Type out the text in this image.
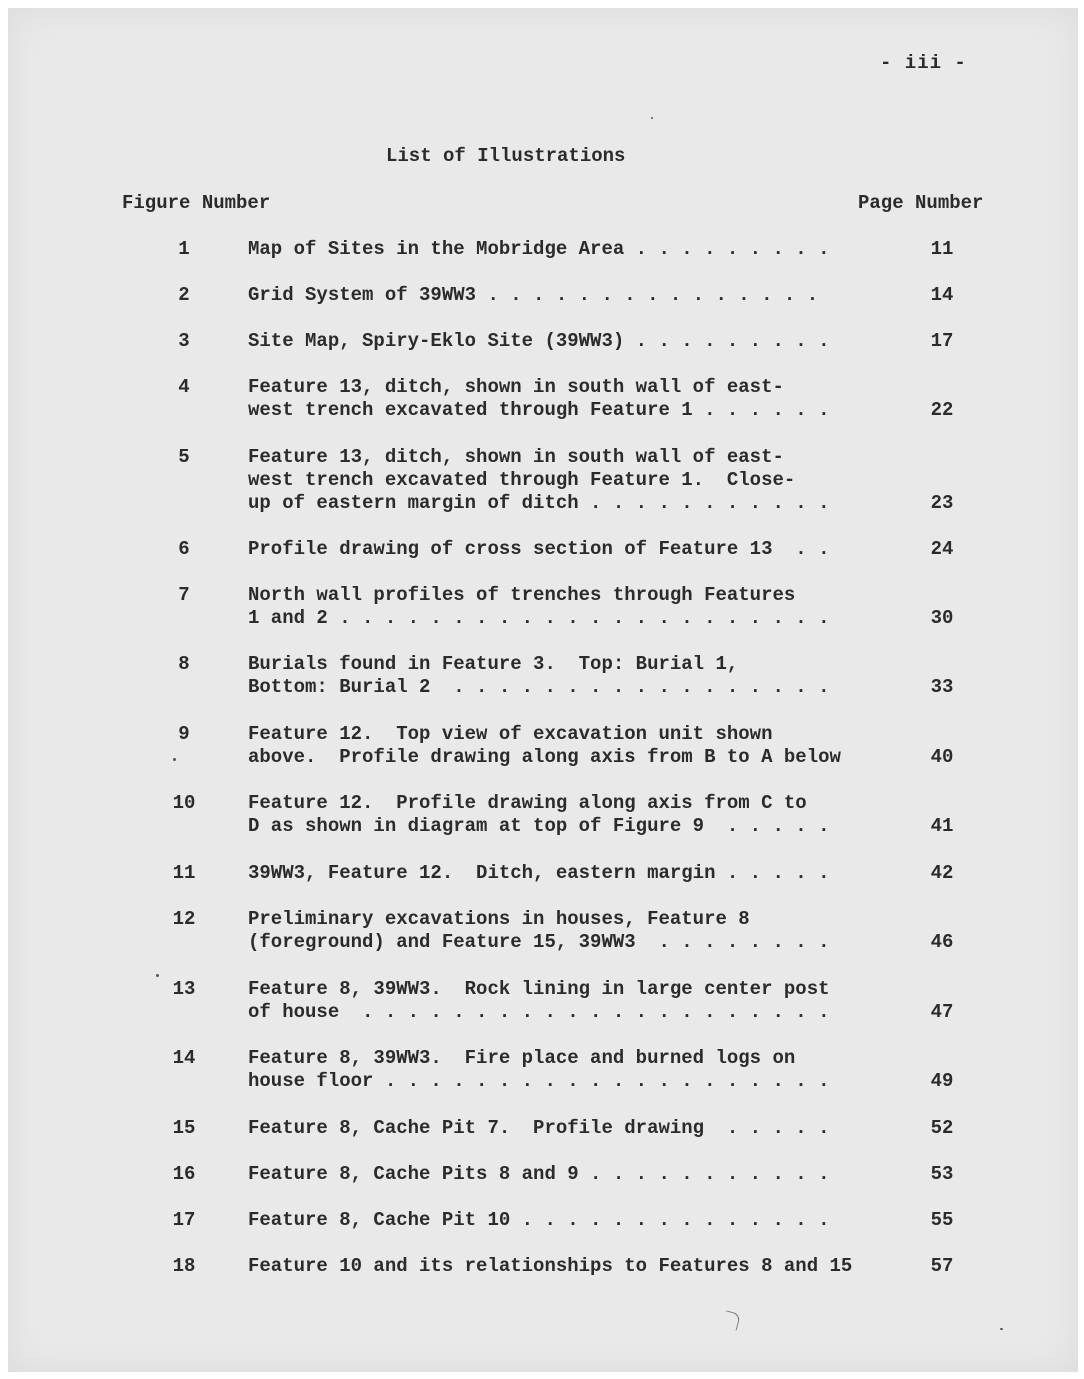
- iii -
List of Illustrations
Figure Number	Page Number
1	Map of Sites in the Mobridge Area . . . . . . . . .	11
2	Grid System of 39WW3 . . . . . . . . . . . . . . .	14
3	Site Map, Spiry-Eklo Site (39WW3) . . . . . . . . .	17
4	Feature 13, ditch, shown in south wall of east-
west trench excavated through Feature 1 . . . . . .	22
5	Feature 13, ditch, shown in south wall of east-
west trench excavated through Feature 1.  Close-
up of eastern margin of ditch . . . . . . . . . . .	23
6	Profile drawing of cross section of Feature 13  . .	24
7	North wall profiles of trenches through Features
1 and 2 . . . . . . . . . . . . . . . . . . . . . .	30
8	Burials found in Feature 3.  Top: Burial 1,
Bottom: Burial 2  . . . . . . . . . . . . . . . . .	33
9	Feature 12.  Top view of excavation unit shown
above.  Profile drawing along axis from B to A below	40
10	Feature 12.  Profile drawing along axis from C to
D as shown in diagram at top of Figure 9  . . . . .	41
11	39WW3, Feature 12.  Ditch, eastern margin . . . . .	42
12	Preliminary excavations in houses, Feature 8
(foreground) and Feature 15, 39WW3  . . . . . . . .	46
13	Feature 8, 39WW3.  Rock lining in large center post
of house  . . . . . . . . . . . . . . . . . . . . .	47
14	Feature 8, 39WW3.  Fire place and burned logs on
house floor . . . . . . . . . . . . . . . . . . . .	49
15	Feature 8, Cache Pit 7.  Profile drawing  . . . . .	52
16	Feature 8, Cache Pits 8 and 9 . . . . . . . . . . .	53
17	Feature 8, Cache Pit 10 . . . . . . . . . . . . . .	55
18	Feature 10 and its relationships to Features 8 and 15	57
